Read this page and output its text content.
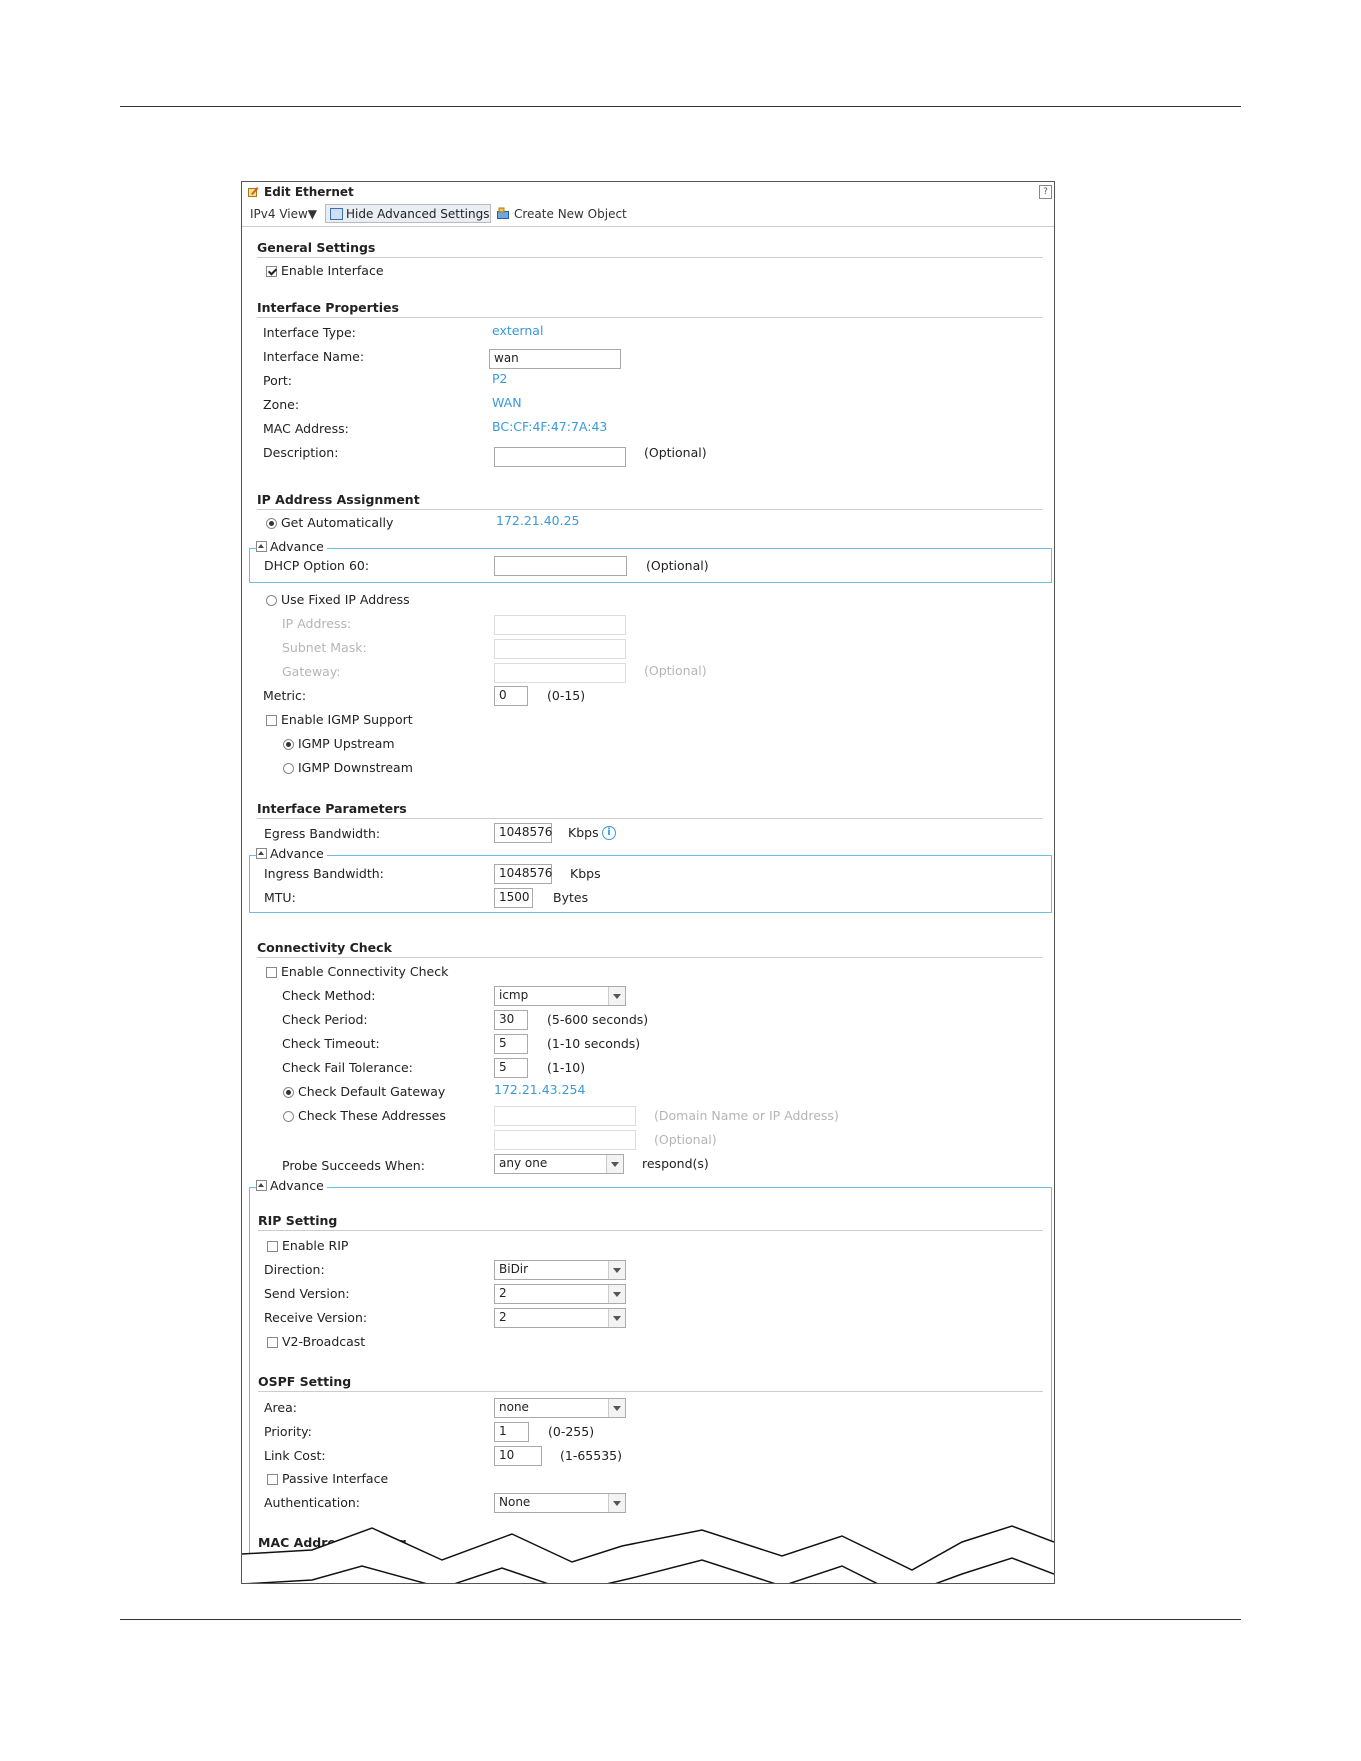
Edit Ethernet	?
IPv4 View▼ Hide Advanced Settings Create New Object
General Settings
Enable Interface
Interface Properties
Interface Type:	external
Interface Name:	wan
Port:	P2
Zone:	WAN
MAC Address:	BC:CF:4F:47:7A:43
Description:	(Optional)
IP Address Assignment
Get Automatically	172.21.40.25
Advance
DHCP Option 60:	(Optional)
Use Fixed IP Address
IP Address:
Subnet Mask:
Gateway:	(Optional)
Metric:	0	(0-15)
Enable IGMP Support
IGMP Upstream
IGMP Downstream
Interface Parameters
Egress Bandwidth:	1048576 Kbps i
Advance
Ingress Bandwidth:	1048576 Kbps
MTU:	1500 Bytes
Connectivity Check
Enable Connectivity Check
Check Method:	icmp
Check Period:	30	(5-600 seconds)
Check Timeout:	5	(1-10 seconds)
Check Fail Tolerance:	5	(1-10)
Check Default Gateway	172.21.43.254
Check These Addresses	(Domain Name or IP Address)
(Optional)
Probe Succeeds When:	any one	respond(s)
Advance
RIP Setting
Enable RIP
Direction:	BiDir
Send Version:	2
Receive Version:	2
V2-Broadcast
OSPF Setting
Area:	none
Priority:	1	(0-255)
Link Cost:	10	(1-65535)
Passive Interface
Authentication:	None
MAC Address Setting
